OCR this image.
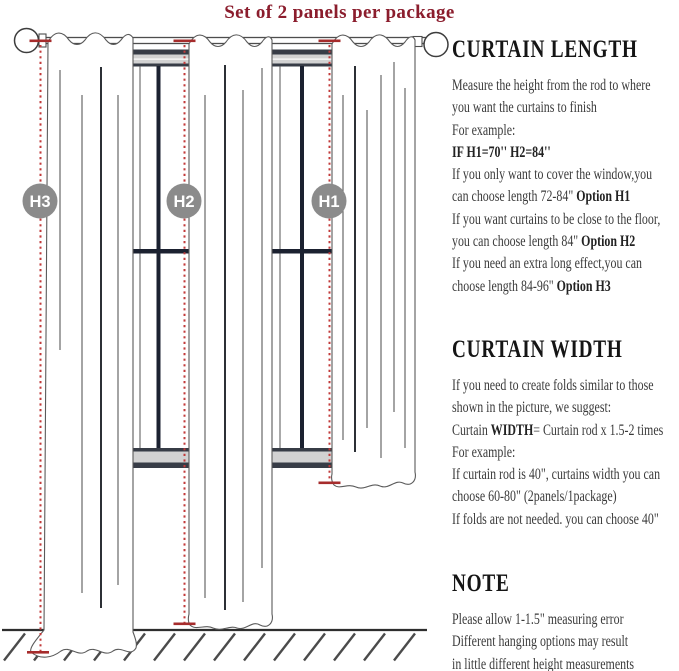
Set of 2 panels per package
H3	H2	H1
CURTAIN LENGTH
Measure the height from the rod to where
you want the curtains to finish
For example:
IF H1=70'' H2=84''
If you only want to cover the window,you
can choose length 72-84" Option H1
If you want curtains to be close to the floor,
you can choose length 84" Option H2
If you need an extra long effect,you can
choose length 84-96" Option H3
CURTAIN WIDTH
If you need to create folds similar to those
shown in the picture, we suggest:
Curtain WIDTH= Curtain rod x 1.5-2 times
For example:
If curtain rod is 40", curtains width you can
choose 60-80" (2panels/1package)
If folds are not needed. you can choose 40"
NOTE
Please allow 1-1.5" measuring error
Different hanging options may result
in little different height measurements
